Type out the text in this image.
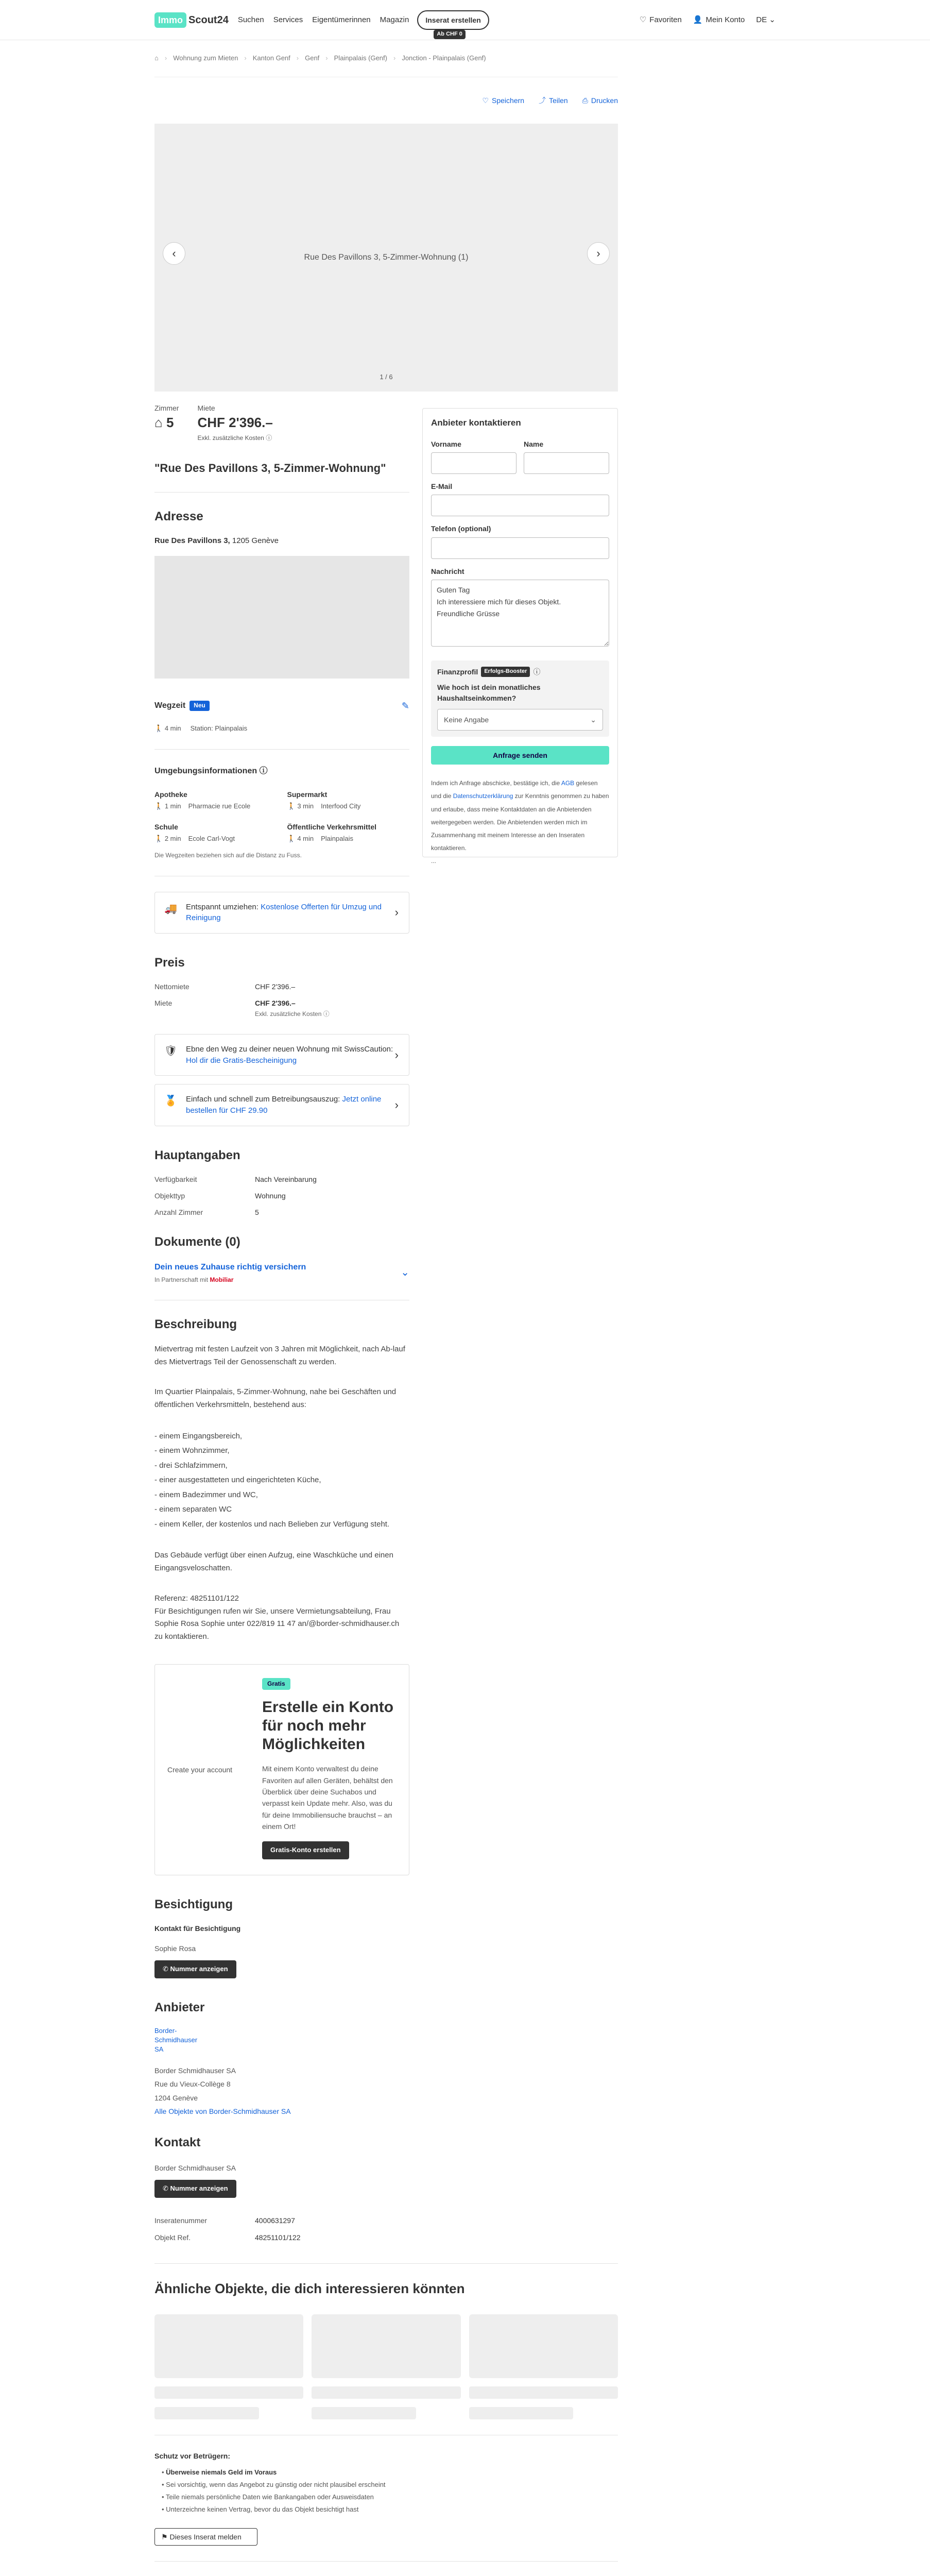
Immo Scout24 Suchen Services Eigentümerinnen Magazin	Inserat erstellen
Ab CHF 0
♡ Favoriten 👤 Mein Konto DE ⌄
⌂ › Wohnung zum Mieten › Kanton Genf › Genf › Plainpalais (Genf) › Jonction - Plainpalais (Genf)
♡ Speichern ⤴ Teilen ⎙ Drucken
Rue Des Pavillons 3, 5-Zimmer-Wohnung (1)
‹	›
1 / 6
Anbieter kontaktieren
Vorname	Name
E-Mail
Telefon (optional)
Nachricht
Guten Tag Ich interessiere mich für dieses Objekt. Freundliche Grüsse
Finanzprofil	Erfolgs-Booster ⓘ
Wie hoch ist dein monatliches Haushaltseinkommen?
Keine Angabe	⌄
Anfrage senden
Indem ich Anfrage abschicke, bestätige ich, die AGB gelesen und die Datenschutzerklärung zur Kenntnis genommen zu haben und erlaube, dass meine Kontaktdaten an die Anbietenden weitergegeben werden. Die Anbietenden werden mich im Zusammenhang mit meinem Interesse an den Inseraten kontaktieren.
...
Zimmer
⌂ 5
Miete
CHF 2'396.–
Exkl. zusätzliche Kosten ⓘ
"Rue Des Pavillons 3, 5-Zimmer-Wohnung"
Adresse
Rue Des Pavillons 3, 1205 Genève
Wegzeit	Neu	✎
🚶 4 min Station: Plainpalais
Umgebungsinformationen ⓘ
Apotheke
🚶 1 min Pharmacie rue Ecole
Supermarkt
🚶 3 min Interfood City
Schule
🚶 2 min Ecole Carl-Vogt
Öffentliche Verkehrsmittel
🚶 4 min Plainpalais
Die Wegzeiten beziehen sich auf die Distanz zu Fuss.
🚚 Entspannt umziehen: Kostenlose Offerten für Umzug und Reinigung	›
Preis
Nettomiete	CHF 2'396.–
Miete	CHF 2'396.–
Exkl. zusätzliche Kosten ⓘ
🛡 Ebne den Weg zu deiner neuen Wohnung mit SwissCaution: Hol dir die Gratis-Bescheinigung	›
🏅 Einfach und schnell zum Betreibungsauszug: Jetzt online bestellen für CHF 29.90	›
Hauptangaben
Verfügbarkeit	Nach Vereinbarung
Objekttyp	Wohnung
Anzahl Zimmer	5
Dokumente (0)
Dein neues Zuhause richtig versichern
In Partnerschaft mit Mobiliar
⌄
Beschreibung

Mietvertrag mit festen Laufzeit von 3 Jahren mit Möglichkeit, nach Ab-lauf des Mietvertrags Teil der Genossenschaft zu werden.

Im Quartier Plainpalais, 5-Zimmer-Wohnung, nahe bei Geschäften und öffentlichen Verkehrsmitteln, bestehend aus:

- einem Eingangsbereich,
- einem Wohnzimmer,
- drei Schlafzimmern,
- einer ausgestatteten und eingerichteten Küche,
- einem Badezimmer und WC,
- einem separaten WC
- einem Keller, der kostenlos und nach Belieben zur Verfügung steht.

Das Gebäude verfügt über einen Aufzug, eine Waschküche und einen Eingangsveloschatten.

Referenz: 48251101/122

Für Besichtigungen rufen wir Sie, unsere Vermietungsabteilung, Frau Sophie Rosa Sophie unter 022/819 11 47 an/@border-schmidhauser.ch zu kontaktieren.

Create your account
Gratis
Erstelle ein Konto für noch mehr Möglichkeiten

Mit einem Konto verwaltest du deine Favoriten auf allen Geräten, behältst den Überblick über deine Suchabos und verpasst kein Update mehr. Also, was du für deine Immobiliensuche brauchst – an einem Ort!

Gratis-Konto erstellen
Besichtigung
Kontakt für Besichtigung
Sophie Rosa
✆ Nummer anzeigen
Anbieter
Border-Schmidhauser SA
Border Schmidhauser SA
Rue du Vieux-Collège 8
1204 Genève
Alle Objekte von Border-Schmidhauser SA
Kontakt
Border Schmidhauser SA
✆ Nummer anzeigen
Inseratenummer	4000631297
Objekt Ref.	48251101/122
Ähnliche Objekte, die dich interessieren könnten
Schutz vor Betrügern:
• Überweise niemals Geld im Voraus
• Sei vorsichtig, wenn das Angebot zu günstig oder nicht plausibel erscheint
• Teile niemals persönliche Daten wie Bankangaben oder Ausweisdaten
• Unterzeichne keinen Vertrag, bevor du das Objekt besichtigt hast
⚑ Dieses Inserat melden
